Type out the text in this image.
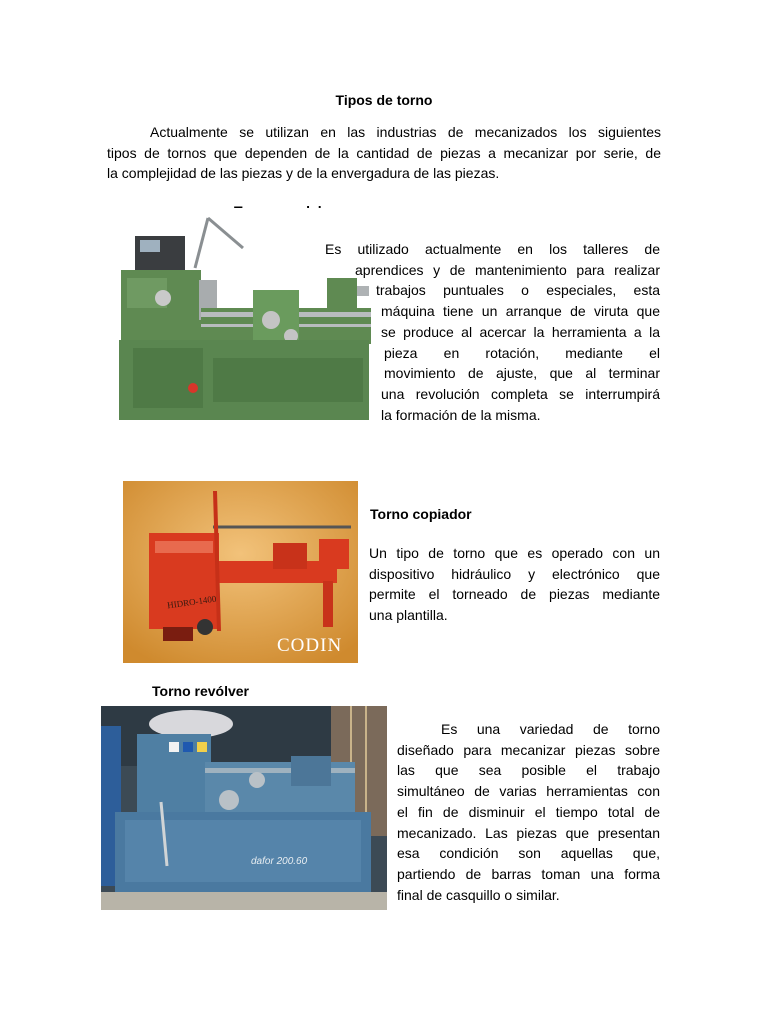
Tipos de torno
Actualmente se utilizan en las industrias de mecanizados los siguientes
tipos de tornos que dependen de la cantidad de piezas a mecanizar por serie, de
la complejidad de las piezas y de la envergadura de las piezas.
Es utilizado actualmente en los talleres de
aprendices y de mantenimiento para realizar
trabajos puntuales o especiales, esta
máquina tiene un arranque de viruta que
se produce al acercar la herramienta a la
pieza en rotación, mediante el
movimiento de ajuste, que al terminar
una revolución completa se interrumpirá
la formación de la misma.
HIDRO-1400
CODIN
Torno copiador
Un tipo de torno que es operado con un
dispositivo hidráulico y electrónico que
permite el torneado de piezas mediante
una plantilla.
Torno revólver
dafor 200.60
Es una variedad de torno
diseñado para mecanizar piezas sobre
las que sea posible el trabajo
simultáneo de varias herramientas con
el fin de disminuir el tiempo total de
mecanizado. Las piezas que presentan
esa condición son aquellas que,
partiendo de barras toman una forma
final de casquillo o similar.
